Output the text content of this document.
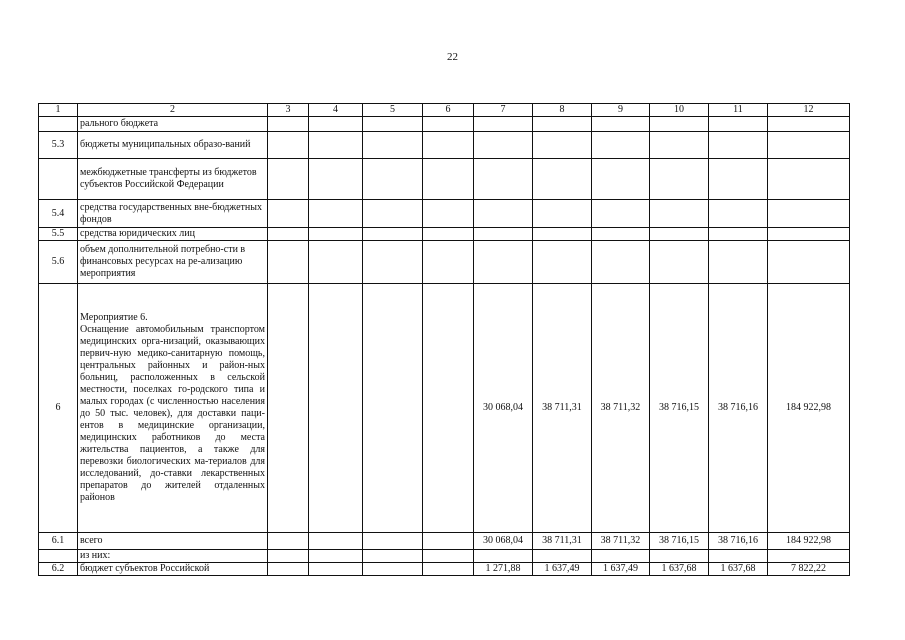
22
1	2	3	4	5	6	7	8	9	10	11	12

	рального бюджета										

5.3	бюджеты муниципальных образо-ваний										

	межбюджетные трансферты из бюджетов субъектов Российской Федерации										

5.4	средства государственных вне-бюджетных фондов										

5.5	средства юридических лиц										

5.6	объем дополнительной потребно-сти в финансовых ресурсах на ре-ализацию мероприятия										

6	Мероприятие 6.
Оснащение автомобильным транспортом медицинских орга-низаций, оказывающих первич-ную медико-санитарную помощь, центральных районных и район-ных больниц, расположенных в сельской местности, поселках го-родского типа и малых городах (с численностью населения до 50 тыс. человек), для доставки паци-ентов в медицинские организации, медицинских работников до места жительства пациентов, а также для перевозки биологических ма-териалов для исследований, до-ставки лекарственных препаратов до жителей отдаленных районов					30 068,04	38 711,31	38 711,32	38 716,15	38 716,16	184 922,98
6.1	всего					30 068,04	38 711,31	38 711,32	38 716,15	38 716,16	184 922,98

	из них:										

6.2	бюджет субъектов Российской					1 271,88	1 637,49	1 637,49	1 637,68	1 637,68	7 822,22
